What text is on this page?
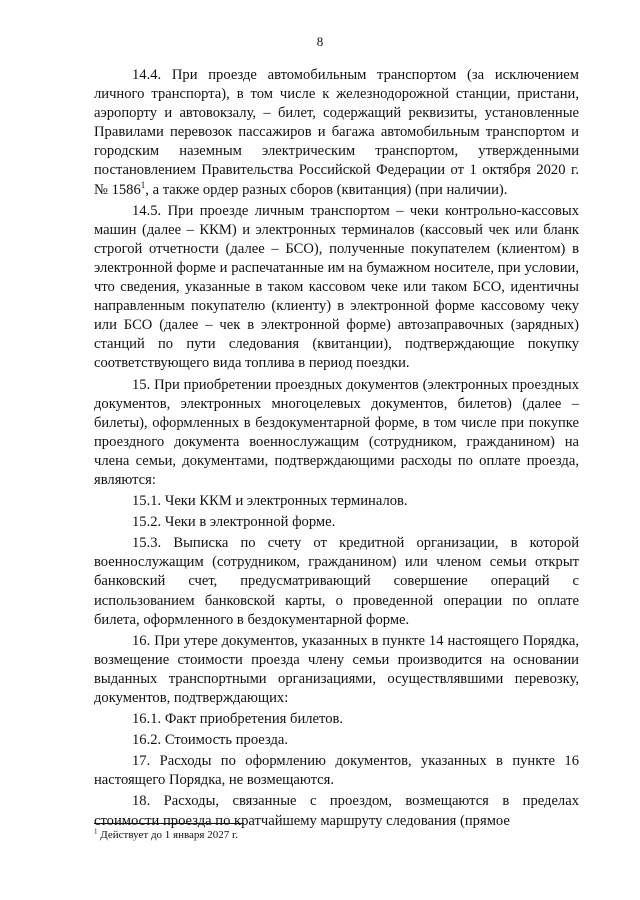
8

14.4. При проезде автомобильным транспортом (за исключением личного транспорта), в том числе к железнодорожной станции, пристани, аэропорту и автовокзалу, – билет, содержащий реквизиты, установленные Правилами перевозок пассажиров и багажа автомобильным транспортом и городским наземным электрическим транспортом, утвержденными постановлением Правительства Российской Федерации от 1 октября 2020 г. № 1586$^1$, а также ордер разных сборов (квитанция) (при наличии).

14.5. При проезде личным транспортом – чеки контрольно-кассовых машин (далее – ККМ) и электронных терминалов (кассовый чек или бланк строгой отчетности (далее – БСО), полученные покупателем (клиентом) в электронной форме и распечатанные им на бумажном носителе, при условии, что сведения, указанные в таком кассовом чеке или таком БСО, идентичны направленным покупателю (клиенту) в электронной форме кассовому чеку или БСО (далее – чек в электронной форме) автозаправочных (зарядных) станций по пути следования (квитанции), подтверждающие покупку соответствующего вида топлива в период поездки.

15. При приобретении проездных документов (электронных проездных документов, электронных многоцелевых документов, билетов) (далее – билеты), оформленных в бездокументарной форме, в том числе при покупке проездного документа военнослужащим (сотрудником, гражданином) на члена семьи, документами, подтверждающими расходы по оплате проезда, являются:

15.1. Чеки ККМ и электронных терминалов.

15.2. Чеки в электронной форме.

15.3. Выписка по счету от кредитной организации, в которой военнослужащим (сотрудником, гражданином) или членом семьи открыт банковский счет, предусматривающий совершение операций с использованием банковской карты, о проведенной операции по оплате билета, оформленного в бездокументарной форме.

16. При утере документов, указанных в пункте 14 настоящего Порядка, возмещение стоимости проезда члену семьи производится на основании выданных транспортными организациями, осуществлявшими перевозку, документов, подтверждающих:

16.1. Факт приобретения билетов.

16.2. Стоимость проезда.

17. Расходы по оформлению документов, указанных в пункте 16 настоящего Порядка, не возмещаются.

18. Расходы, связанные с проездом, возмещаются в пределах стоимости проезда по кратчайшему маршруту следования (прямое

$^1$ Действует до 1 января 2027 г.
